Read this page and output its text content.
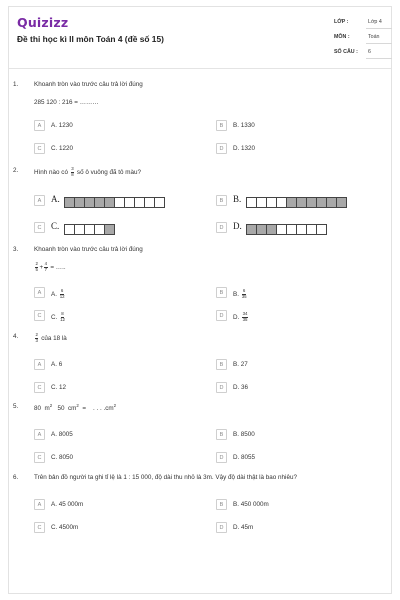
Quizizz
Đề thi học kì II môn Toán 4 (đề số 15)
LỚP :	Lớp 4
MÔN :	Toán
SỐ CÂU : 6
1. Khoanh tròn vào trước câu trả lời đúng
285 120 : 216 = ………
A	A. 1230	B	B. 1330
C	C. 1220	D	D. 1320
2. Hình nào có $\frac{3}{8}$ số ô vuông đã tô màu?
A	A.	B	B.
C	C.	D	D.
3. Khoanh tròn vào trước câu trả lời đúng
$\frac{2}{5} + \frac{4}{7}$ = …..
A	A. $\frac{6}{12}$	B	B. $\frac{6}{35}$
C	C. $\frac{8}{12}$	D	D. $\frac{34}{35}$
4.	$\frac{2}{3}$ của 18 là
A	A. 6	B	B. 27
C	C. 12	D	D. 36
5. 80 $m^2$ 50 $cm^2$ = . . . $.cm^2$
A	A. 8005	B	B. 8500
C	C. 8050	D	D. 8055
6. Trên bản đồ người ta ghi tỉ lệ là 1 : 15 000, độ dài thu nhỏ là 3m. Vậy độ dài thật là bao nhiêu?
A	A. 45 000m	B	B. 450 000m
C	C. 4500m	D	D. 45m
